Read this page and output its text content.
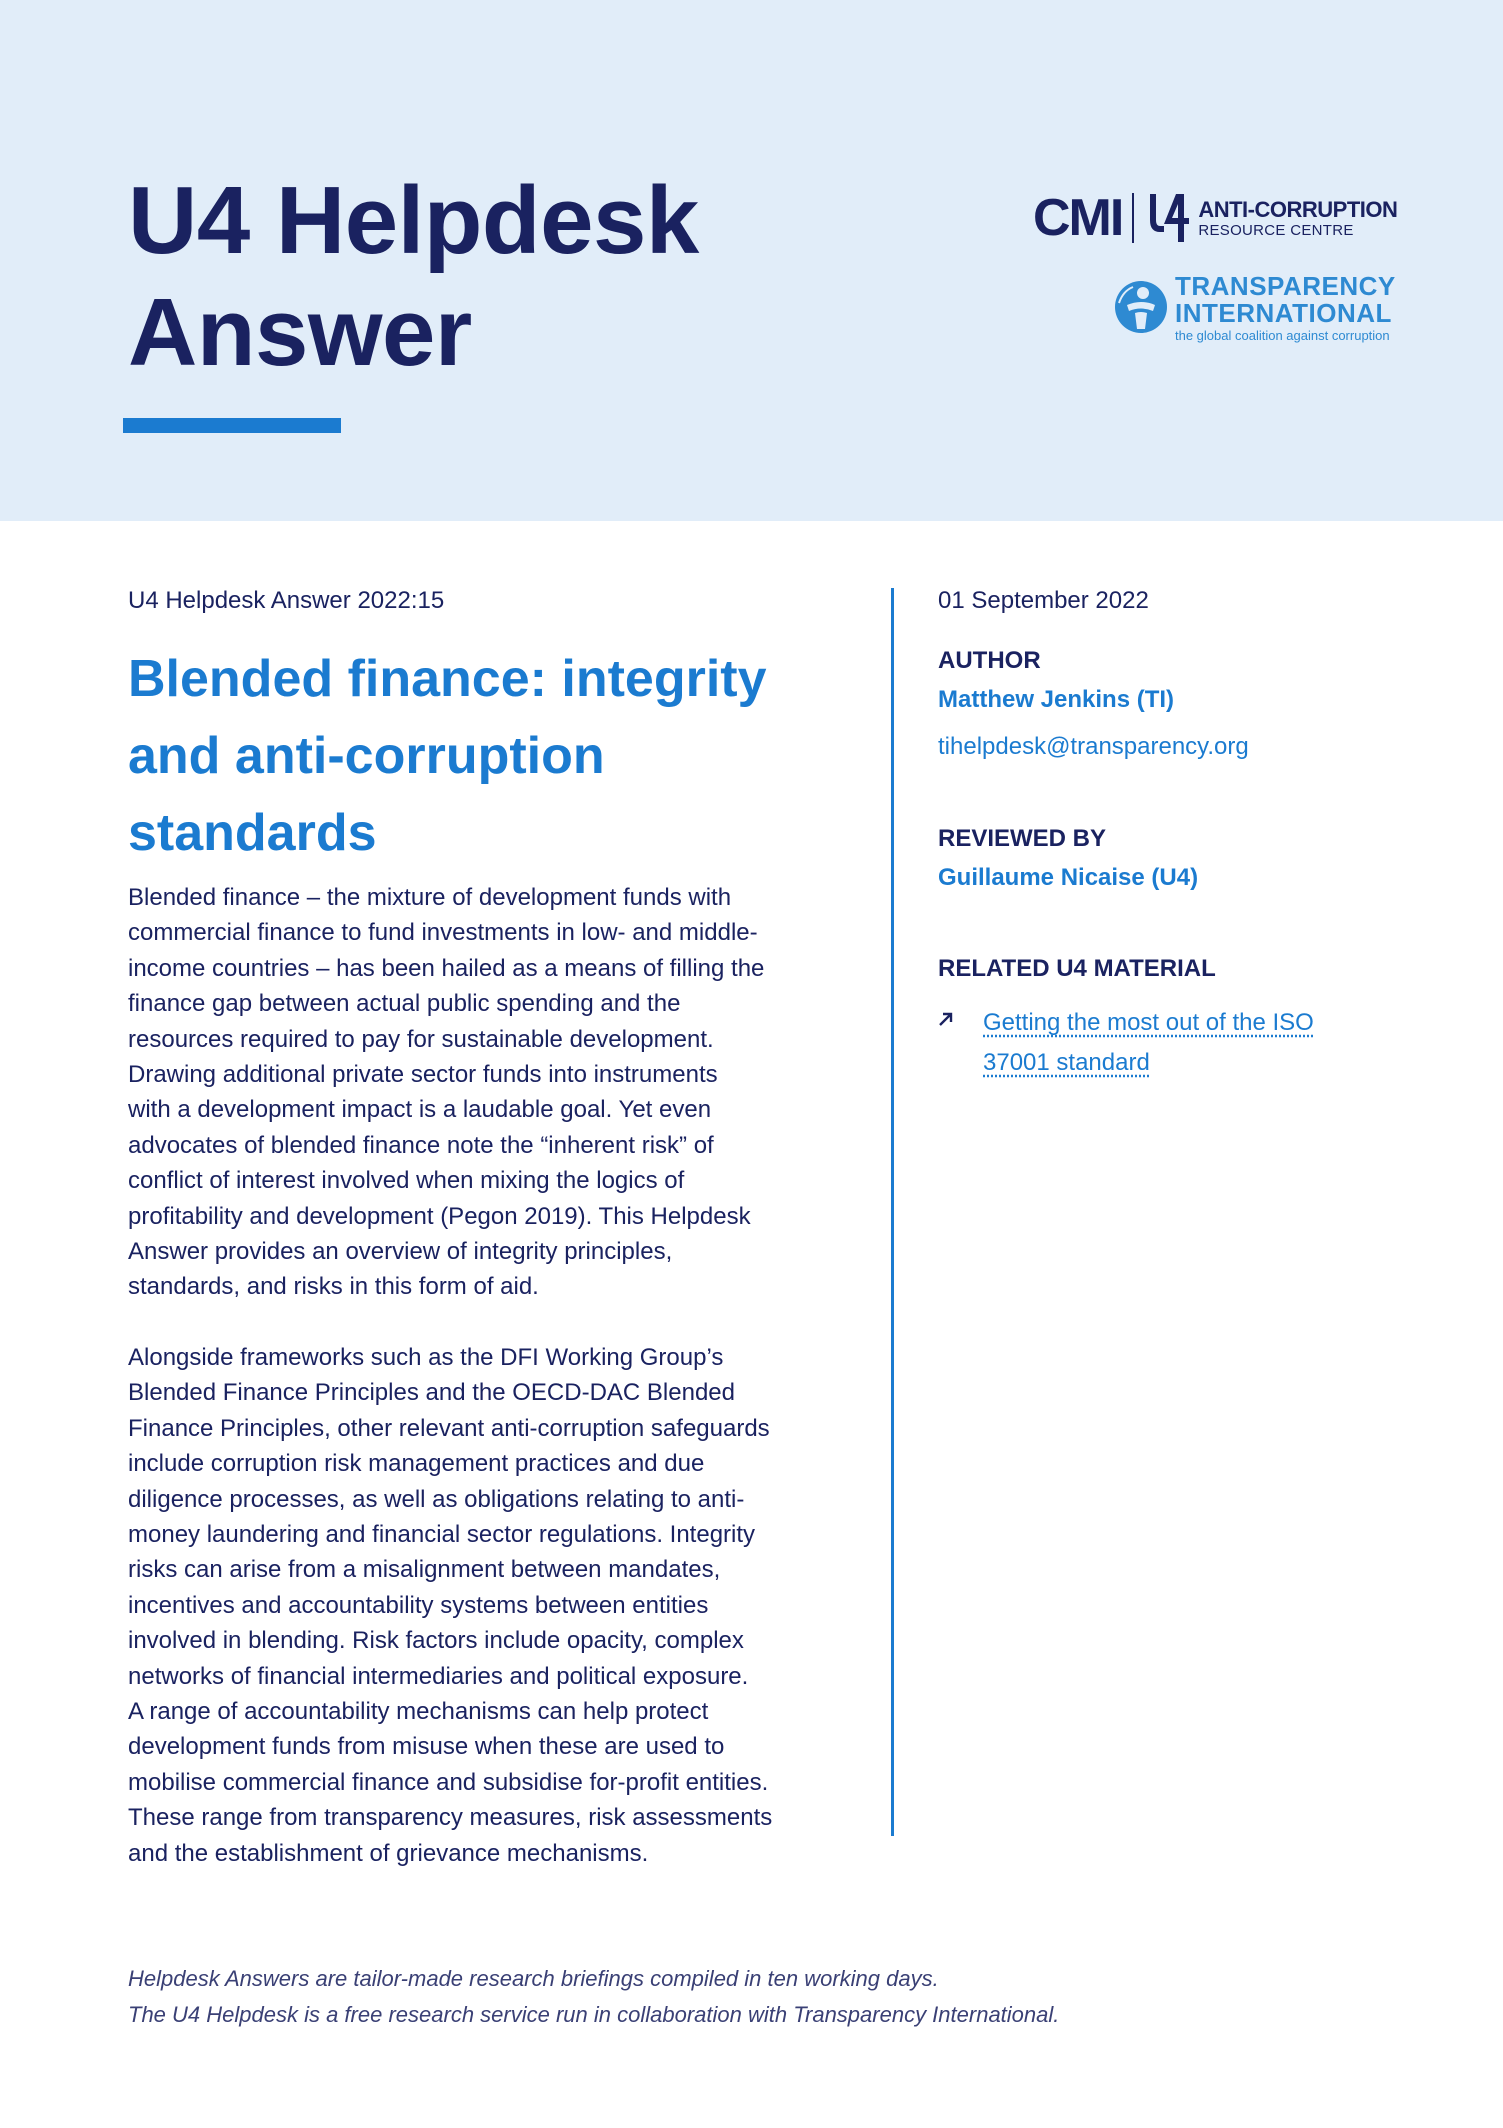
U4 Helpdesk
Answer
CMI	ANTI-CORRUPTION
RESOURCE CENTRE
TRANSPARENCY
INTERNATIONAL
the global coalition against corruption
U4 Helpdesk Answer 2022:15
Blended finance: integrity
and anti-corruption
standards

Blended finance – the mixture of development funds with
commercial finance to fund investments in low- and middle-
income countries – has been hailed as a means of filling the
finance gap between actual public spending and the
resources required to pay for sustainable development.
Drawing additional private sector funds into instruments
with a development impact is a laudable goal. Yet even
advocates of blended finance note the “inherent risk” of
conflict of interest involved when mixing the logics of
profitability and development (Pegon 2019). This Helpdesk
Answer provides an overview of integrity principles,
standards, and risks in this form of aid.

Alongside frameworks such as the DFI Working Group’s
Blended Finance Principles and the OECD-DAC Blended
Finance Principles, other relevant anti-corruption safeguards
include corruption risk management practices and due
diligence processes, as well as obligations relating to anti-
money laundering and financial sector regulations. Integrity
risks can arise from a misalignment between mandates,
incentives and accountability systems between entities
involved in blending. Risk factors include opacity, complex
networks of financial intermediaries and political exposure.
A range of accountability mechanisms can help protect
development funds from misuse when these are used to
mobilise commercial finance and subsidise for-profit entities.
These range from transparency measures, risk assessments
and the establishment of grievance mechanisms.

01 September 2022
AUTHOR
Matthew Jenkins (TI)
tihelpdesk@transparency.org
REVIEWED BY
Guillaume Nicaise (U4)
RELATED U4 MATERIAL

Getting the most out of the ISO
37001 standard

Helpdesk Answers are tailor-made research briefings compiled in ten working days.
The U4 Helpdesk is a free research service run in collaboration with Transparency International.
